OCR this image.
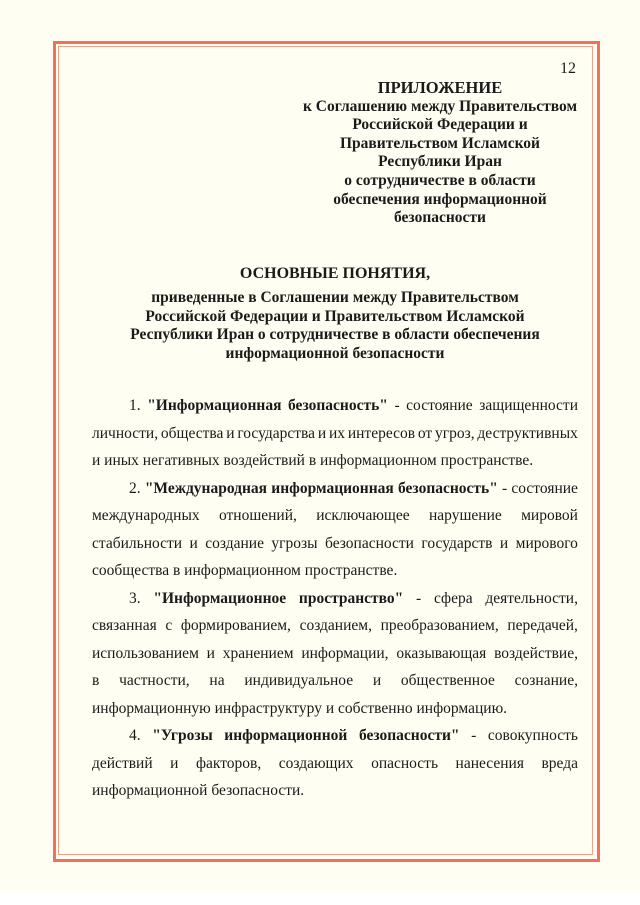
12
ПРИЛОЖЕНИЕ
к Соглашению между Правительством
Российской Федерации и
Правительством Исламской
Республики Иран
о сотрудничестве в области
обеспечения информационной
безопасности
ОСНОВНЫЕ ПОНЯТИЯ,
приведенные в Соглашении между Правительством
Российской Федерации и Правительством Исламской
Республики Иран о сотрудничестве в области обеспечения
информационной безопасности
1. "Информационная безопасность" - состояние защищенности
личности, общества и государства и их интересов от угроз, деструктивных
и иных негативных воздействий в информационном пространстве.
2. "Международная информационная безопасность" - состояние
международных отношений, исключающее нарушение мировой
стабильности и создание угрозы безопасности государств и мирового
сообщества в информационном пространстве.
3. "Информационное пространство" - сфера деятельности,
связанная с формированием, созданием, преобразованием, передачей,
использованием и хранением информации, оказывающая воздействие,
в частности, на индивидуальное и общественное сознание,
информационную инфраструктуру и собственно информацию.
4. "Угрозы информационной безопасности" - совокупность
действий и факторов, создающих опасность нанесения вреда
информационной безопасности.
